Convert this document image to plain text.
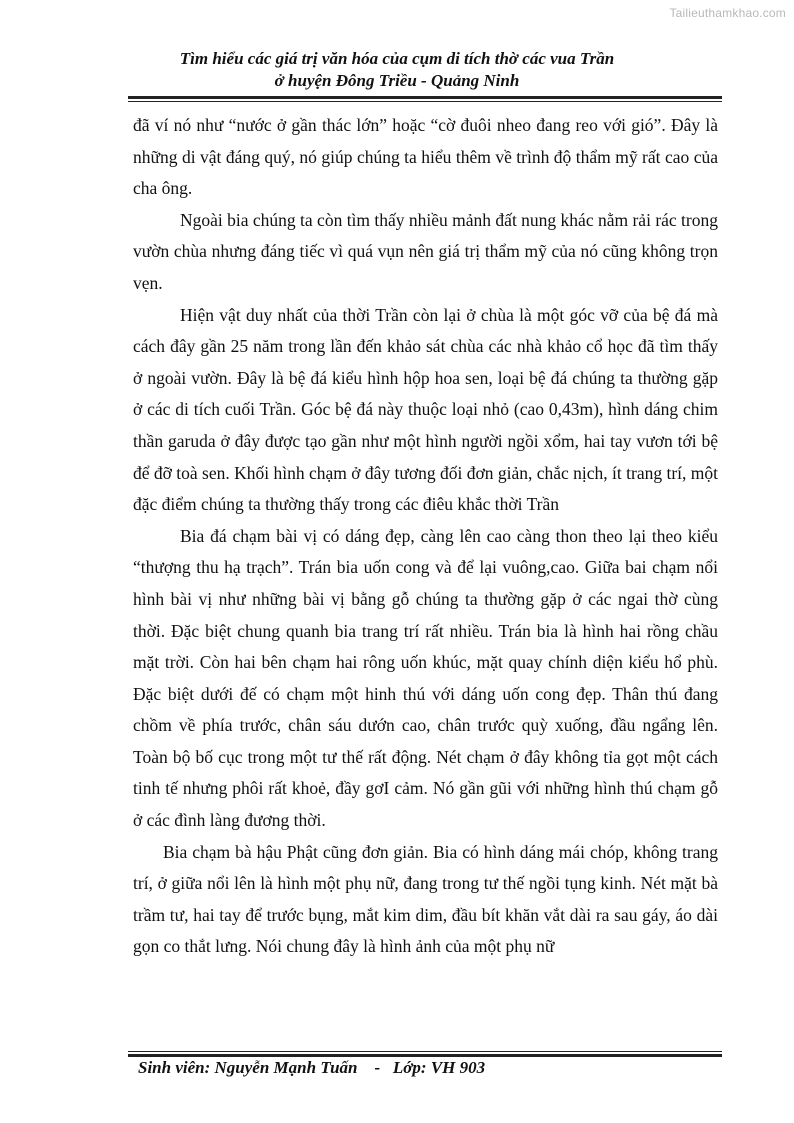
Tailieuthamkhao.com
Tìm hiểu các giá trị văn hóa của cụm di tích thờ các vua Trần
ở huyện Đông Triều - Quảng Ninh

đã ví nó như “nước ở gần thác lớn” hoặc “cờ đuôi nheo đang reo với gió”. Đây là những di vật đáng quý, nó giúp chúng ta hiểu thêm về trình độ thẩm mỹ rất cao của cha ông.

Ngoài bia chúng ta còn tìm thấy nhiều mảnh đất nung khác nằm rải rác trong vườn chùa nhưng đáng tiếc vì quá vụn nên giá trị thẩm mỹ của nó cũng không trọn vẹn.

Hiện vật duy nhất của thời Trần còn lại ở chùa là một góc vỡ của bệ đá mà cách đây gần 25 năm trong lần đến khảo sát chùa các nhà khảo cổ học đã tìm thấy ở ngoài vườn. Đây là bệ đá kiểu hình hộp hoa sen, loại bệ đá chúng ta thường gặp ở các di tích cuối Trần. Góc bệ đá này thuộc loại nhỏ (cao 0,43m), hình dáng chim thần garuda ở đây được tạo gần như một hình người ngồi xổm, hai tay vươn tới bệ để đỡ toà sen. Khối hình chạm ở đây tương đối đơn giản, chắc nịch, ít trang trí, một đặc điểm chúng ta thường thấy trong các điêu khắc thời Trần

Bia đá chạm bài vị có dáng đẹp, càng lên cao càng thon theo lại theo kiểu “thượng thu hạ trạch”. Trán bia uốn cong và để lại vuông,cao. Giữa bai chạm nổi hình bài vị như những bài vị bằng gỗ chúng ta thường gặp ở các ngai thờ cùng thời. Đặc biệt chung quanh bia trang trí rất nhiều. Trán bia là hình hai rồng chầu mặt trời. Còn hai bên chạm hai rông uốn khúc, mặt quay chính diện kiểu hổ phù. Đặc biệt dưới đế có chạm một hinh thú với dáng uốn cong đẹp. Thân thú đang chồm về phía trước, chân sáu dướn cao, chân trước quỳ xuống, đầu ngẩng lên. Toàn bộ bố cục trong một tư thế rất động. Nét chạm ở đây không tỉa gọt một cách tinh tế nhưng phôi rất khoẻ, đầy gơI cảm. Nó gần gũi với những hình thú chạm gỗ ở các đình làng đương thời.

Bia chạm bà hậu Phật cũng đơn giản. Bia có hình dáng mái chóp, không trang trí, ở giữa nổi lên là hình một phụ nữ, đang trong tư thế ngồi tụng kinh. Nét mặt bà trầm tư, hai tay để trước bụng, mắt kim dim, đầu bít khăn vắt dài ra sau gáy, áo dài gọn co thắt lưng. Nói chung đây là hình ảnh của một phụ nữ

Sinh viên: Nguyễn Mạnh Tuấn - Lớp: VH 903
